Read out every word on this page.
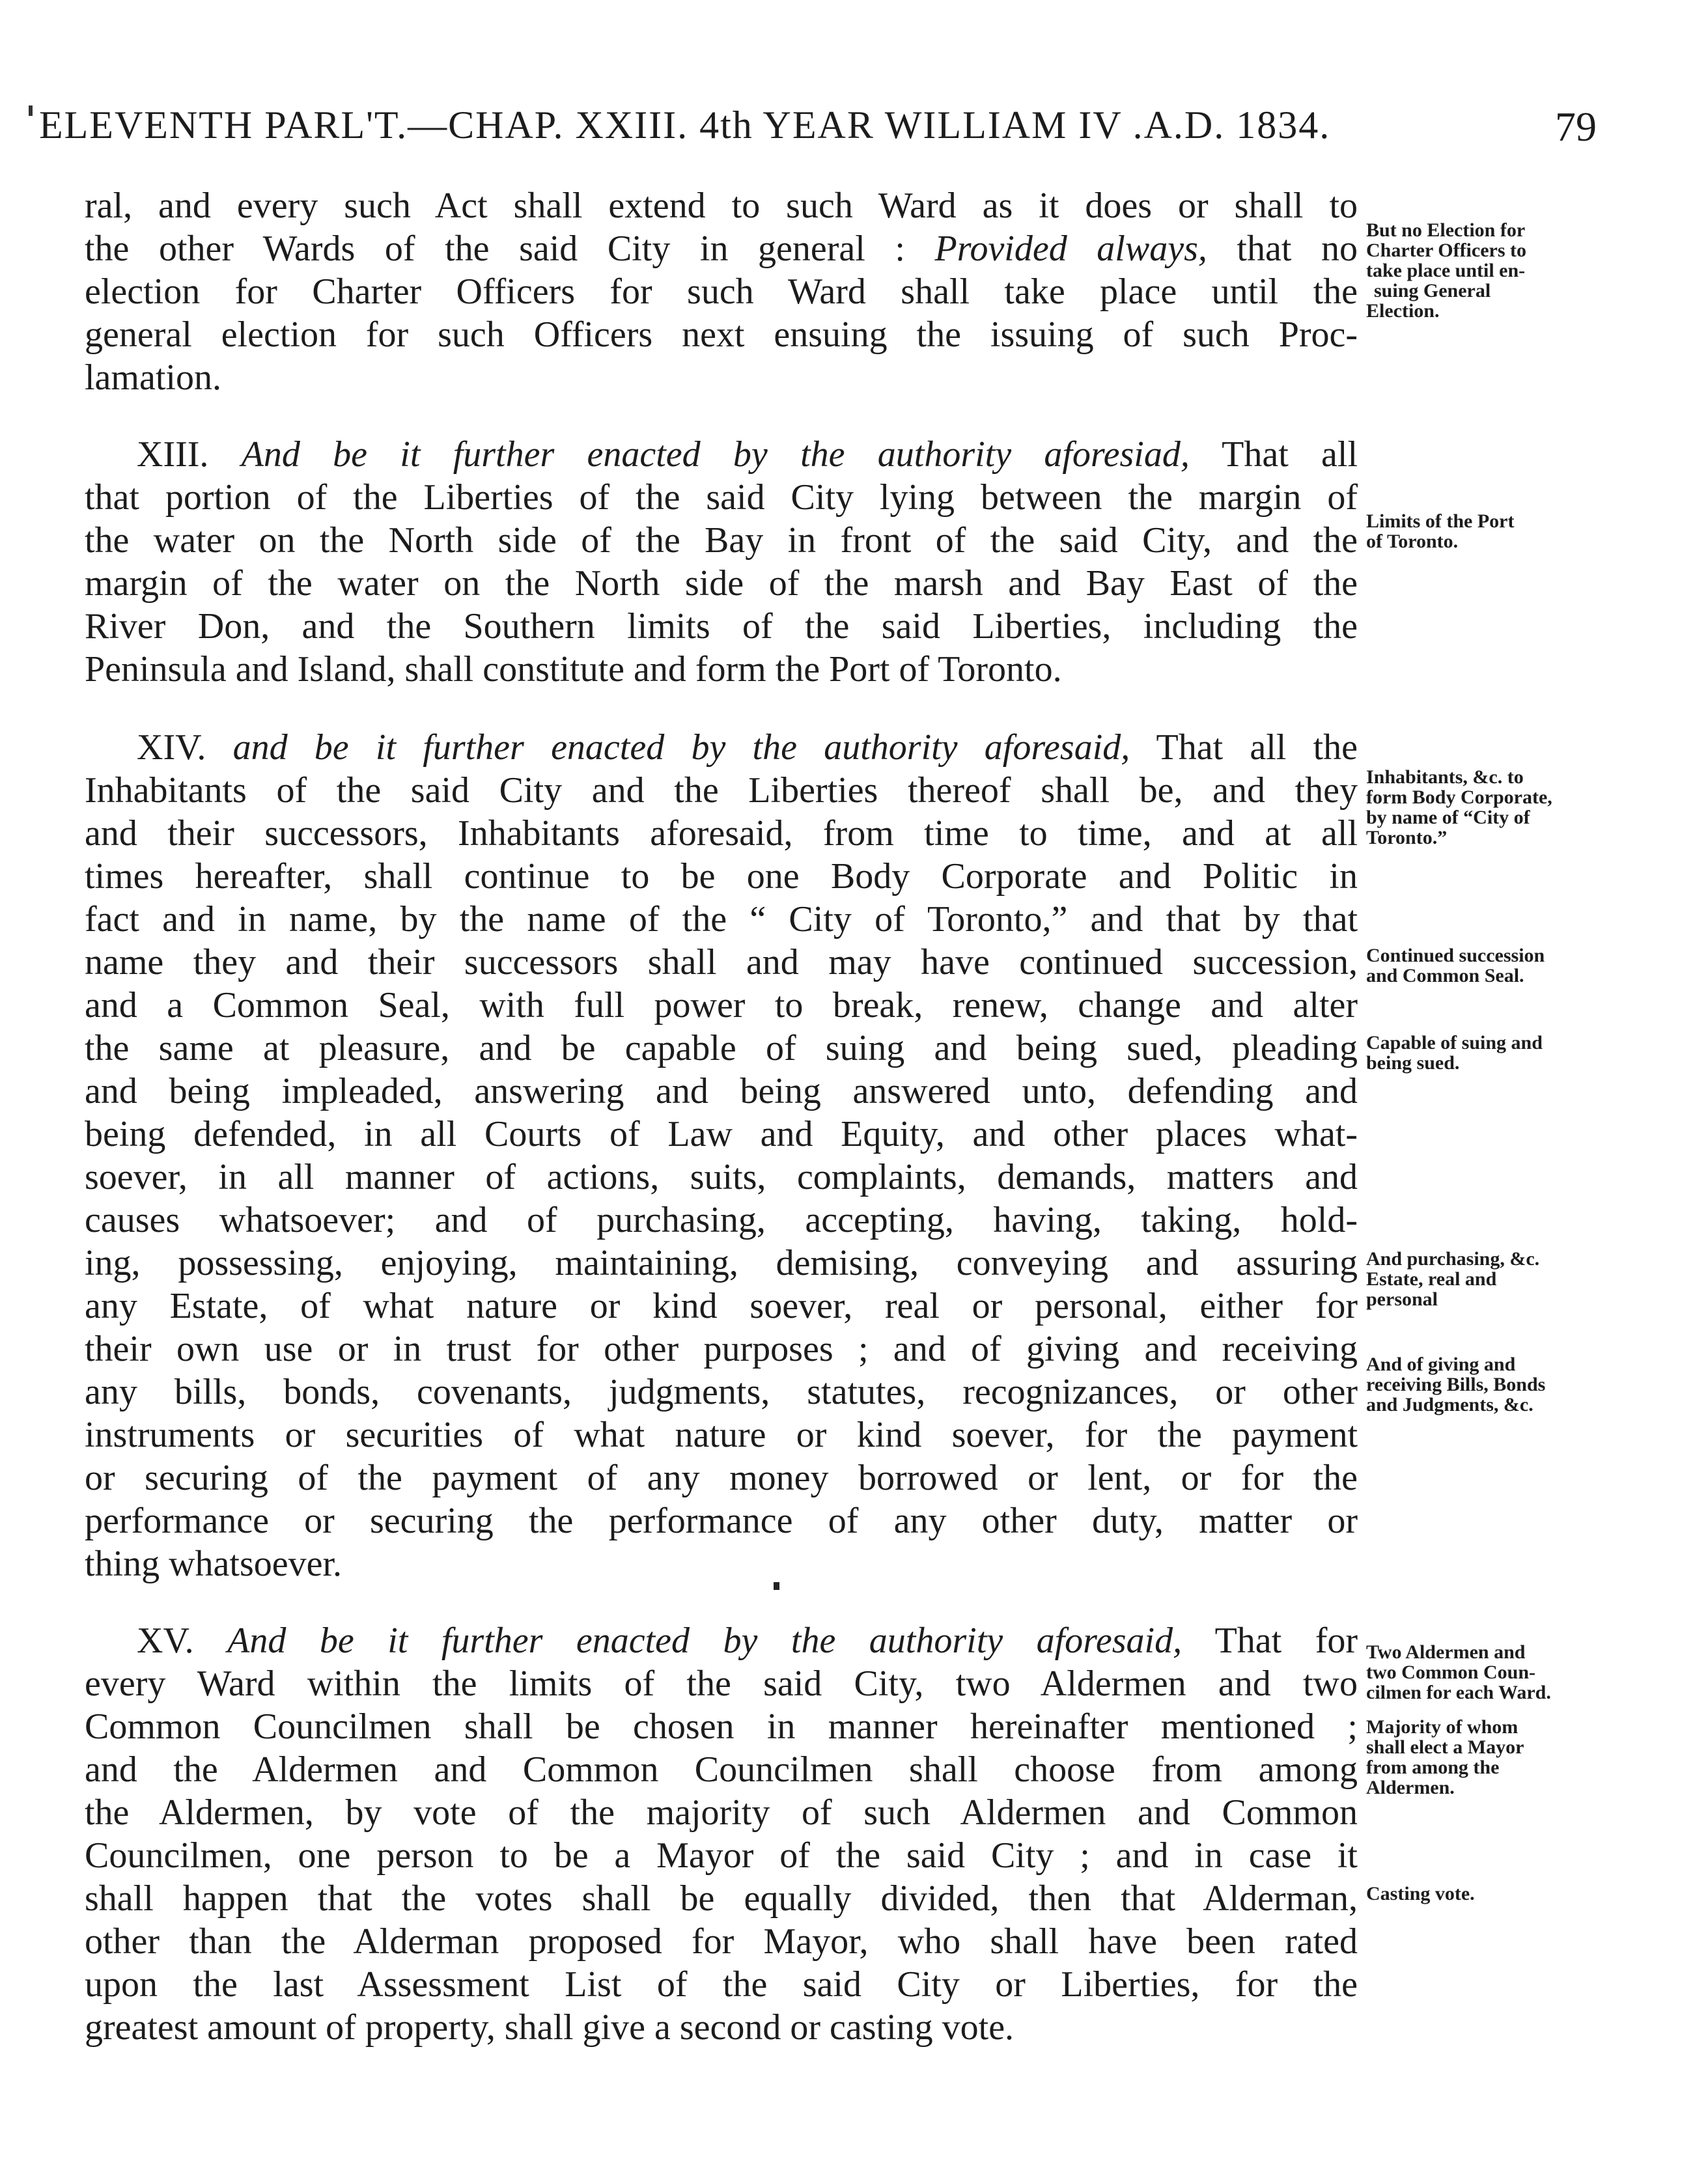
ELEVENTH PARL'T.—CHAP. XXIII. 4th YEAR WILLIAM IV .A.D. 1834.	79
ral, and every such Act shall extend to such Ward as it does or shall to
the other Wards of the said City in general : Provided always, that no
election for Charter Officers for such Ward shall take place until the
general election for such Officers next ensuing the issuing of such Proc-
lamation.
XIII. And be it further enacted by the authority aforesiad, That all
that portion of the Liberties of the said City lying between the margin of
the water on the North side of the Bay in front of the said City, and the
margin of the water on the North side of the marsh and Bay East of the
River Don, and the Southern limits of the said Liberties, including the
Peninsula and Island, shall constitute and form the Port of Toronto.
XIV. and be it further enacted by the authority aforesaid, That all the
Inhabitants of the said City and the Liberties thereof shall be, and they
and their successors, Inhabitants aforesaid, from time to time, and at all
times hereafter, shall continue to be one Body Corporate and Politic in
fact and in name, by the name of the “ City of Toronto,” and that by that
name they and their successors shall and may have continued succession,
and a Common Seal, with full power to break, renew, change and alter
the same at pleasure, and be capable of suing and being sued, pleading
and being impleaded, answering and being answered unto, defending and
being defended, in all Courts of Law and Equity, and other places what-
soever, in all manner of actions, suits, complaints, demands, matters and
causes whatsoever; and of purchasing, accepting, having, taking, hold-
ing, possessing, enjoying, maintaining, demising, conveying and assuring
any Estate, of what nature or kind soever, real or personal, either for
their own use or in trust for other purposes ; and of giving and receiving
any bills, bonds, covenants, judgments, statutes, recognizances, or other
instruments or securities of what nature or kind soever, for the payment
or securing of the payment of any money borrowed or lent, or for the
performance or securing the performance of any other duty, matter or
thing whatsoever.
XV. And be it further enacted by the authority aforesaid, That for
every Ward within the limits of the said City, two Aldermen and two
Common Councilmen shall be chosen in manner hereinafter mentioned ;
and the Aldermen and Common Councilmen shall choose from among
the Aldermen, by vote of the majority of such Aldermen and Common
Councilmen, one person to be a Mayor of the said City ; and in case it
shall happen that the votes shall be equally divided, then that Alderman,
other than the Alderman proposed for Mayor, who shall have been rated
upon the last Assessment List of the said City or Liberties, for the
greatest amount of property, shall give a second or casting vote.
But no Election for
Charter Officers to
take place until en-
suing General
Election.
Limits of the Port
of Toronto.
Inhabitants, &c. to
form Body Corporate,
by name of “City of
Toronto.”
Continued succession
and Common Seal.
Capable of suing and
being sued.
And purchasing, &c.
Estate, real and
personal
And of giving and
receiving Bills, Bonds
and Judgments, &c.
Two Aldermen and
two Common Coun-
cilmen for each Ward.
Majority of whom
shall elect a Mayor
from among the
Aldermen.
Casting vote.
